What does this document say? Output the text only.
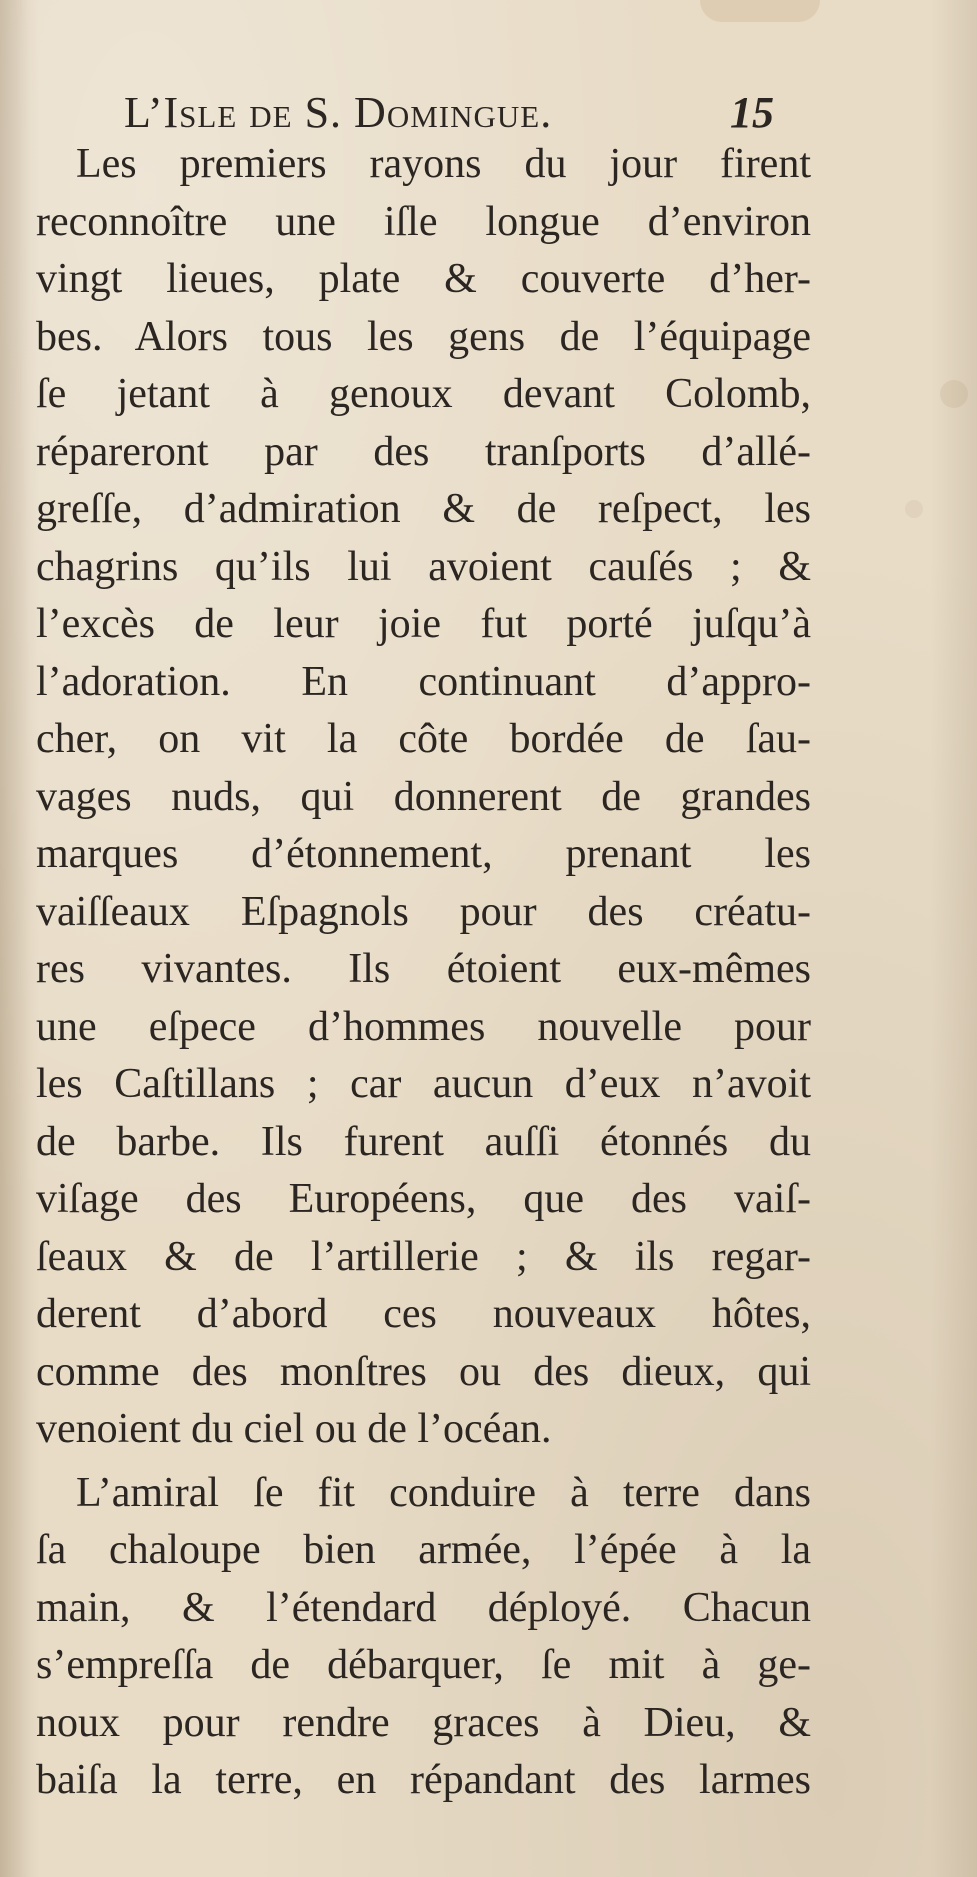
L’Isle de S. Domingue.	15
Les premiers rayons du jour firent
reconnoître une iſle longue d’environ
vingt lieues, plate & couverte d’her-
bes. Alors tous les gens de l’équipage
ſe jetant à genoux devant Colomb,
répareront par des tranſports d’allé-
greſſe, d’admiration & de reſpect, les
chagrins qu’ils lui avoient cauſés ; &
l’excès de leur joie fut porté juſqu’à
l’adoration. En continuant d’appro-
cher, on vit la côte bordée de ſau-
vages nuds, qui donnerent de grandes
marques d’étonnement, prenant les
vaiſſeaux Eſpagnols pour des créatu-
res vivantes. Ils étoient eux-mêmes
une eſpece d’hommes nouvelle pour
les Caſtillans ; car aucun d’eux n’avoit
de barbe. Ils furent auſſi étonnés du
viſage des Européens, que des vaiſ-
ſeaux & de l’artillerie ; & ils regar-
derent d’abord ces nouveaux hôtes,
comme des monſtres ou des dieux, qui
venoient du ciel ou de l’océan.
L’amiral ſe fit conduire à terre dans
ſa chaloupe bien armée, l’épée à la
main, & l’étendard déployé. Chacun
s’empreſſa de débarquer, ſe mit à ge-
noux pour rendre graces à Dieu, &
baiſa la terre, en répandant des larmes
